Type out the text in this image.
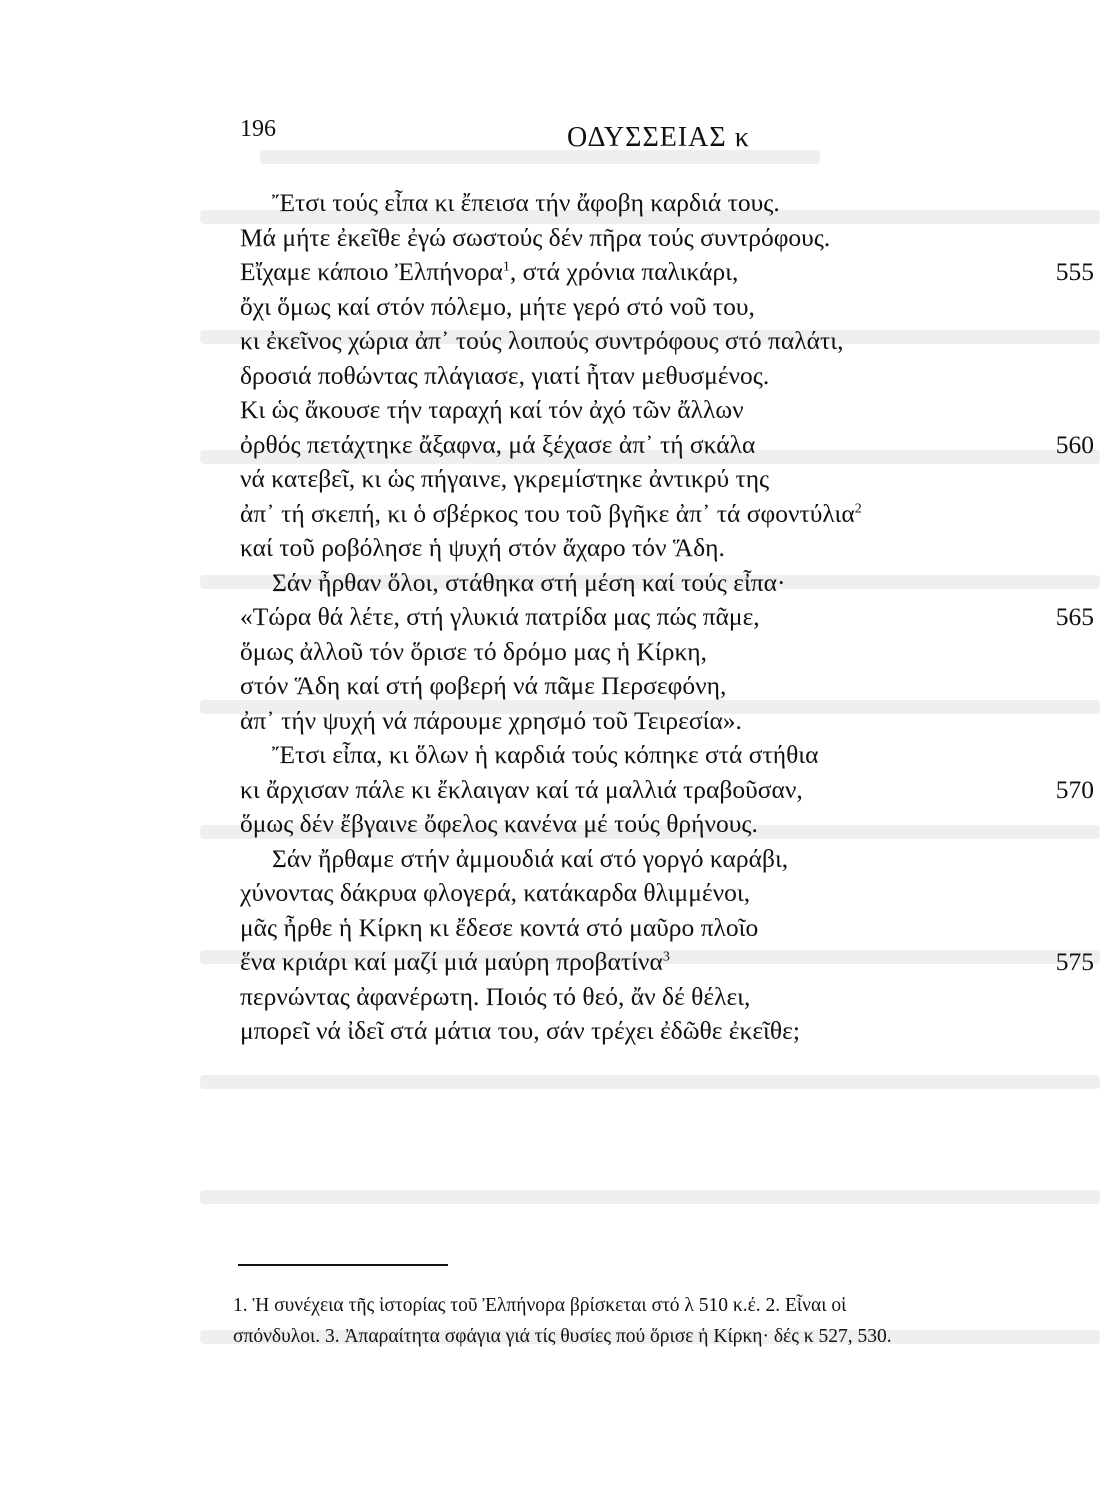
196	ΟΔΥΣΣΕΙΑΣ κ
Ἔτσι τούς εἶπα κι ἔπεισα τήν ἄφοβη καρδιά τους.
Μά μήτε ἐκεῖθε ἐγώ σωστούς δέν πῆρα τούς συντρόφους.
Εἴχαμε κάποιο Ἐλπήνορα$^1$, στά χρόνια παλικάρι,	555
ὄχι ὅμως καί στόν πόλεμο, μήτε γερό στό νοῦ του,
κι ἐκεῖνος χώρια ἀπ᾽ τούς λοιπούς συντρόφους στό παλάτι,
δροσιά ποθώντας πλάγιασε, γιατί ἦταν μεθυσμένος.
Κι ὡς ἄκουσε τήν ταραχή καί τόν ἀχό τῶν ἄλλων
ὀρθός πετάχτηκε ἄξαφνα, μά ξέχασε ἀπ᾽ τή σκάλα	560
νά κατεβεῖ, κι ὡς πήγαινε, γκρεμίστηκε ἀντικρύ της
ἀπ᾽ τή σκεπή, κι ὁ σβέρκος του τοῦ βγῆκε ἀπ᾽ τά σφοντύλια$^2$
καί τοῦ ροβόλησε ἡ ψυχή στόν ἄχαρο τόν Ἅδη.
Σάν ἦρθαν ὅλοι, στάθηκα στή μέση καί τούς εἶπα·
«Τώρα θά λέτε, στή γλυκιά πατρίδα μας πώς πᾶμε,	565
ὅμως ἀλλοῦ τόν ὅρισε τό δρόμο μας ἡ Κίρκη,
στόν Ἅδη καί στή φοβερή νά πᾶμε Περσεφόνη,
ἀπ᾽ τήν ψυχή νά πάρουμε χρησμό τοῦ Τειρεσία».
Ἔτσι εἶπα, κι ὅλων ἡ καρδιά τούς κόπηκε στά στήθια
κι ἄρχισαν πάλε κι ἔκλαιγαν καί τά μαλλιά τραβοῦσαν,	570
ὅμως δέν ἔβγαινε ὄφελος κανένα μέ τούς θρήνους.
Σάν ἤρθαμε στήν ἀμμουδιά καί στό γοργό καράβι,
χύνοντας δάκρυα φλογερά, κατάκαρδα θλιμμένοι,
μᾶς ἦρθε ἡ Κίρκη κι ἔδεσε κοντά στό μαῦρο πλοῖο
ἕνα κριάρι καί μαζί μιά μαύρη προβατίνα$^3$	575
περνώντας ἀφανέρωτη. Ποιός τό θεό, ἄν δέ θέλει,
μπορεῖ νά ἰδεῖ στά μάτια του, σάν τρέχει ἐδῶθε ἐκεῖθε;
1. Ἡ συνέχεια τῆς ἱστορίας τοῦ Ἐλπήνορα βρίσκεται στό λ 510 κ.έ. 2. Εἶναι οἱ
σπόνδυλοι. 3. Ἀπαραίτητα σφάγια γιά τίς θυσίες πού ὅρισε ἡ Κίρκη· δές κ 527, 530.
